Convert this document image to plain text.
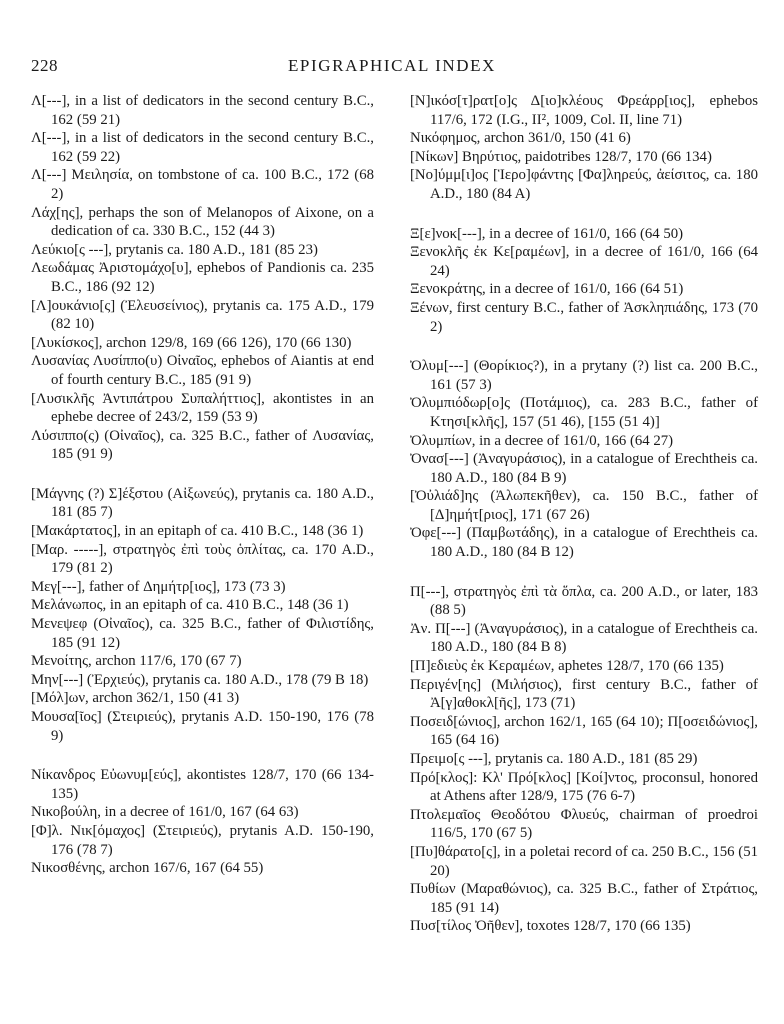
228	EPIGRAPHICAL INDEX
Λ[---], in a list of dedicators in the second century B.C., 162 (59 21)
Λ[---], in a list of dedicators in the second century B.C., 162 (59 22)
Λ[---] Μειλησία, on tombstone of ca. 100 B.C., 172 (68 2)
Λάχ[ης], perhaps the son of Melanopos of Aixone, on a dedication of ca. 330 B.C., 152 (44 3)
Λεύκιο[ς ---], prytanis ca. 180 A.D., 181 (85 23)
Λεωδάμας Ἀριστομάχο[υ], ephebos of Pandionis ca. 235 B.C., 186 (92 12)
[Λ]ουκάνιο[ς] (Ἐλευσείνιος), prytanis ca. 175 A.D., 179 (82 10)
[Λυκίσκος], archon 129/8, 169 (66 126), 170 (66 130)
Λυσανίας Λυσίππο(υ) Οἰναῖος, ephebos of Aiantis at end of fourth century B.C., 185 (91 9)
[Λυσικλῆς Ἀντιπάτρου Συπαλήττιος], akontistes in an ephebe decree of 243/2, 159 (53 9)
Λύσιππο(ς) (Οἰναῖος), ca. 325 B.C., father of Λυσανίας, 185 (91 9)
[Μάγνης (?) Σ]έξστου (Αἰξωνεύς), prytanis ca. 180 A.D., 181 (85 7)
[Μακάρτατος], in an epitaph of ca. 410 B.C., 148 (36 1)
[Μαρ. -----], στρατηγὸς ἐπὶ τοὺς ὁπλίτας, ca. 170 A.D., 179 (81 2)
Μεγ[---], father of Δημήτρ[ιος], 173 (73 3)
Μελάνωπος, in an epitaph of ca. 410 B.C., 148 (36 1)
Μενεψεφ (Οἰναῖος), ca. 325 B.C., father of Φιλιστίδης, 185 (91 12)
Μενοίτης, archon 117/6, 170 (67 7)
Μην[---] (Ἐρχιεύς), prytanis ca. 180 A.D., 178 (79 B 18)
[Μόλ]ων, archon 362/1, 150 (41 3)
Μουσα[ῖος] (Στειριεύς), prytanis A.D. 150-190, 176 (78 9)
Νίκανδρος Εὐωνυμ[εύς], akontistes 128/7, 170 (66 134-135)
Νικοβούλη, in a decree of 161/0, 167 (64 63)
[Φ]λ. Νικ[όμαχος] (Στειριεύς), prytanis A.D. 150-190, 176 (78 7)
Νικοσθένης, archon 167/6, 167 (64 55)
[Ν]ικόσ[τ]ρατ[ο]ς Δ[ιο]κλέους Φρεάρρ[ιος], ephebos 117/6, 172 (I.G., II², 1009, Col. II, line 71)
Νικόφημος, archon 361/0, 150 (41 6)
[Νίκων] Βηρύτιος, paidotribes 128/7, 170 (66 134)
[Νο]ύμμ[ι]ος [Ἱερο]φάντης [Φα]ληρεύς, ἀείσιτος, ca. 180 A.D., 180 (84 A)
Ξ[ε]νοκ[---], in a decree of 161/0, 166 (64 50)
Ξενοκλῆς ἐκ Κε[ραμέων], in a decree of 161/0, 166 (64 24)
Ξενοκράτης, in a decree of 161/0, 166 (64 51)
Ξένων, first century B.C., father of Ἀσκληπιάδης, 173 (70 2)
Ὀλυμ[---] (Θορίκιος?), in a prytany (?) list ca. 200 B.C., 161 (57 3)
Ὀλυμπιόδωρ[ο]ς (Ποτάμιος), ca. 283 B.C., father of Κτησι[κλῆς], 157 (51 46), [155 (51 4)]
Ὀλυμπίων, in a decree of 161/0, 166 (64 27)
Ὀνασ[---] (Ἀναγυράσιος), in a catalogue of Erechtheis ca. 180 A.D., 180 (84 B 9)
[Ὀὐλιάδ]ης (Ἀλωπεκῆθεν), ca. 150 B.C., father of [Δ]ημήτ[ριος], 171 (67 26)
Ὀφε[---] (Παμβωτάδης), in a catalogue of Erechtheis ca. 180 A.D., 180 (84 B 12)
Π[---], στρατηγὸς ἐπὶ τὰ ὅπλα, ca. 200 A.D., or later, 183 (88 5)
Ἀν. Π[---] (Ἀναγυράσιος), in a catalogue of Erechtheis ca. 180 A.D., 180 (84 B 8)
[Π]εδιεὺς ἐκ Κεραμέων, aphetes 128/7, 170 (66 135)
Περιγέν[ης] (Μιλήσιος), first century B.C., father of Ἀ[γ]αθοκλ[ῆς], 173 (71)
Ποσειδ[ώνιος], archon 162/1, 165 (64 10); Π[οσειδώνιος], 165 (64 16)
Πρειμο[ς ---], prytanis ca. 180 A.D., 181 (85 29)
Πρό[κλος]: Κλ' Πρό[κλος] [Κοί]ντος, proconsul, honored at Athens after 128/9, 175 (76 6-7)
Πτολεμαῖος Θεοδότου Φλυεύς, chairman of proedroi 116/5, 170 (67 5)
[Πυ]θάρατο[ς], in a poletai record of ca. 250 B.C., 156 (51 20)
Πυθίων (Μαραθώνιος), ca. 325 B.C., father of Στράτιος, 185 (91 14)
Πυσ[τίλος Ὀῆθεν], toxotes 128/7, 170 (66 135)
